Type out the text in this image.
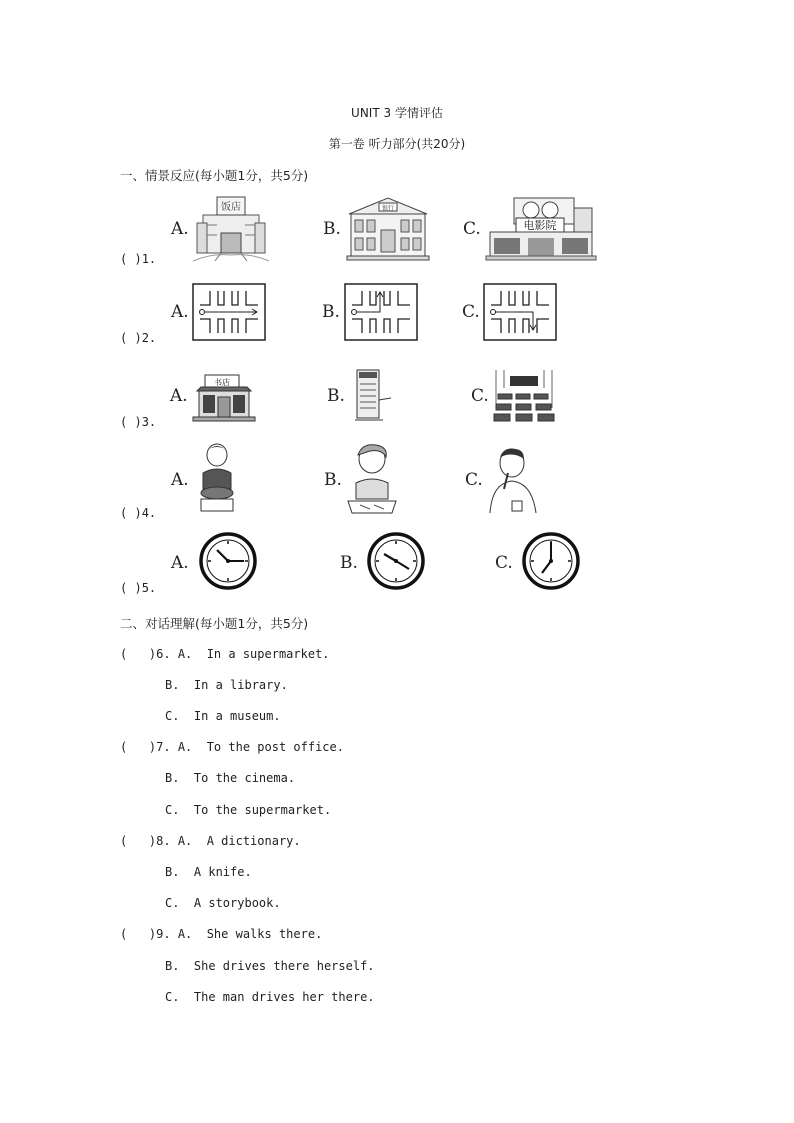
UNIT 3 学情评估
第一卷 听力部分(共20分)
一、情景反应(每小题1分，共5分)
( )1.
A.	B.	C.
饭店	银行
电影院
( )2.
A.	B.	C.
( )3.
A.	B.	C.
书店
( )4.
A.	B.	C.
( )5.
A.	B.	C.
二、对话理解(每小题1分，共5分)
(   )6. A.  In a supermarket.
B.  In a library.
C.  In a museum.
(   )7. A.  To the post office.
B.  To the cinema.
C.  To the supermarket.
(   )8. A.  A dictionary.
B.  A knife.
C.  A storybook.
(   )9. A.  She walks there.
B.  She drives there herself.
C.  The man drives her there.
